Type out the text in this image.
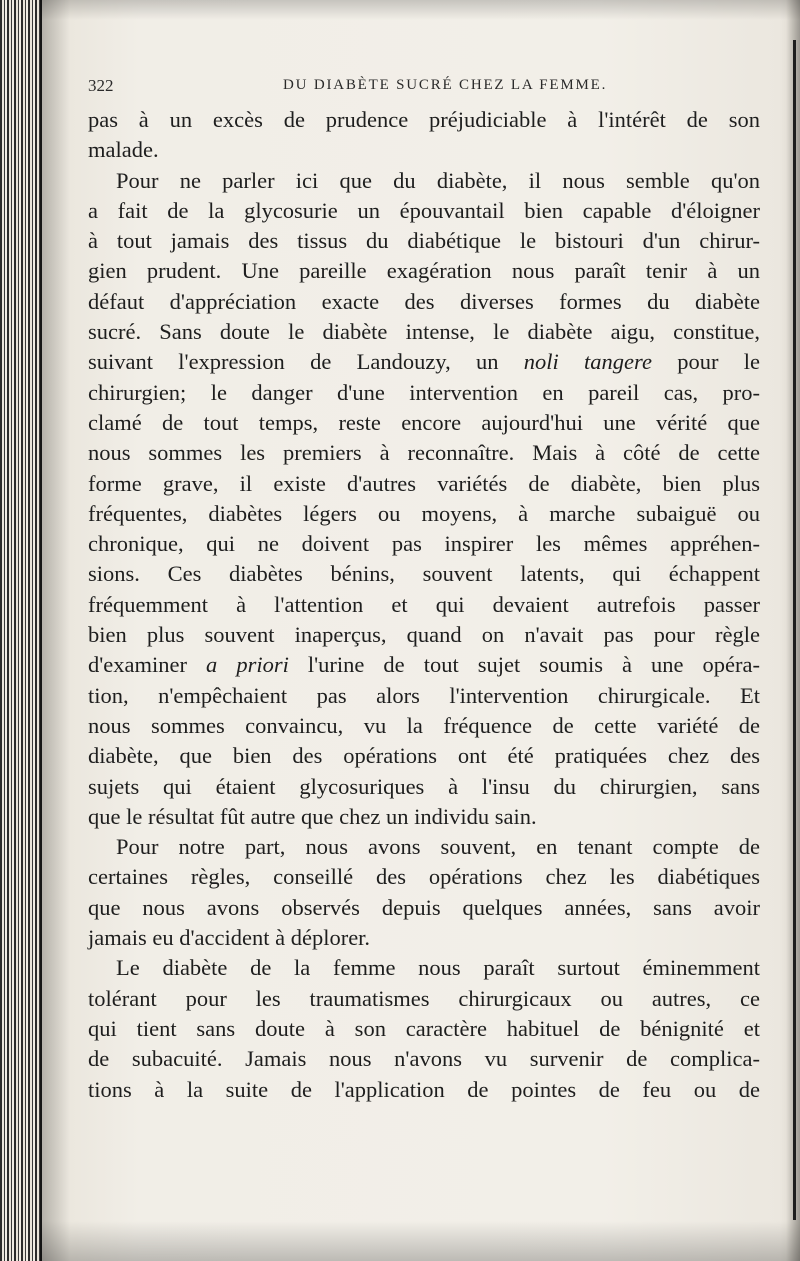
322	DU DIABÈTE SUCRÉ CHEZ LA FEMME.
pas à un excès de prudence préjudiciable à l'intérêt de son
malade.
Pour ne parler ici que du diabète, il nous semble qu'on
a fait de la glycosurie un épouvantail bien capable d'éloigner
à tout jamais des tissus du diabétique le bistouri d'un chirur-
gien prudent. Une pareille exagération nous paraît tenir à un
défaut d'appréciation exacte des diverses formes du diabète
sucré. Sans doute le diabète intense, le diabète aigu, constitue,
suivant l'expression de Landouzy, un noli tangere pour le
chirurgien; le danger d'une intervention en pareil cas, pro-
clamé de tout temps, reste encore aujourd'hui une vérité que
nous sommes les premiers à reconnaître. Mais à côté de cette
forme grave, il existe d'autres variétés de diabète, bien plus
fréquentes, diabètes légers ou moyens, à marche subaiguë ou
chronique, qui ne doivent pas inspirer les mêmes appréhen-
sions. Ces diabètes bénins, souvent latents, qui échappent
fréquemment à l'attention et qui devaient autrefois passer
bien plus souvent inaperçus, quand on n'avait pas pour règle
d'examiner a priori l'urine de tout sujet soumis à une opéra-
tion, n'empêchaient pas alors l'intervention chirurgicale. Et
nous sommes convaincu, vu la fréquence de cette variété de
diabète, que bien des opérations ont été pratiquées chez des
sujets qui étaient glycosuriques à l'insu du chirurgien, sans
que le résultat fût autre que chez un individu sain.
Pour notre part, nous avons souvent, en tenant compte de
certaines règles, conseillé des opérations chez les diabétiques
que nous avons observés depuis quelques années, sans avoir
jamais eu d'accident à déplorer.
Le diabète de la femme nous paraît surtout éminemment
tolérant pour les traumatismes chirurgicaux ou autres, ce
qui tient sans doute à son caractère habituel de bénignité et
de subacuité. Jamais nous n'avons vu survenir de complica-
tions à la suite de l'application de pointes de feu ou de
